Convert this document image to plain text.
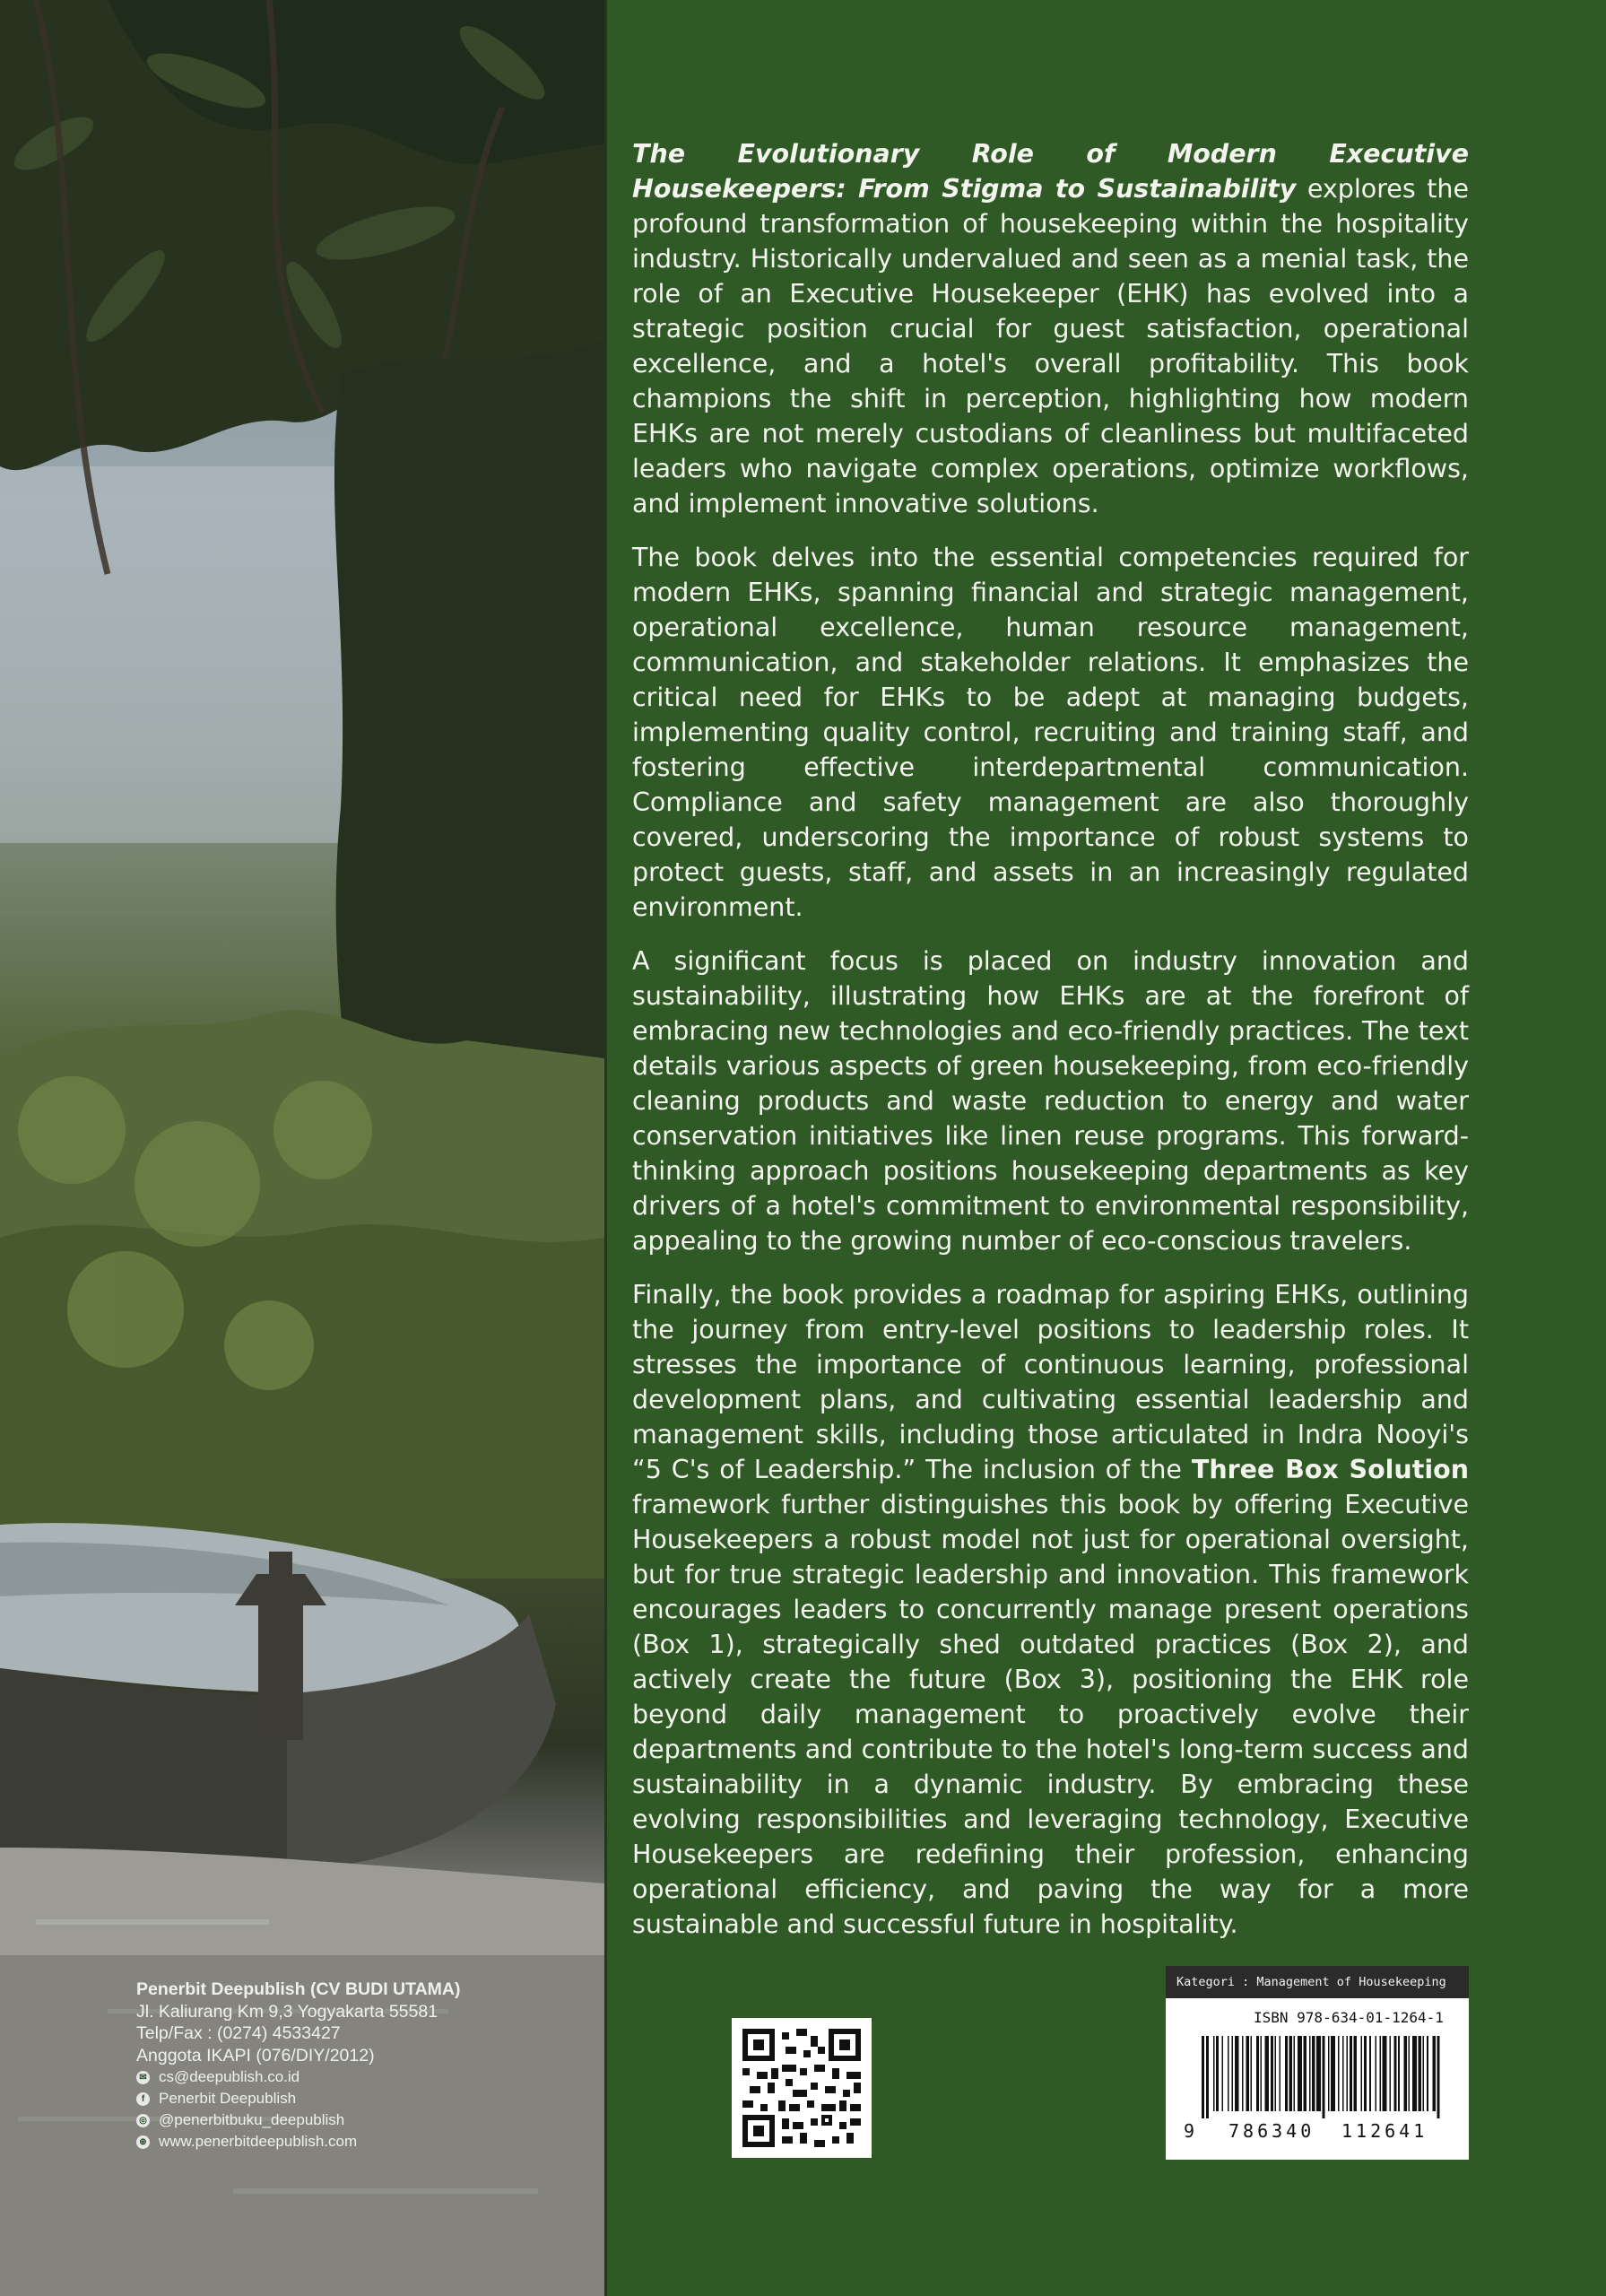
The Evolutionary Role of Modern Executive Housekeepers: From Stigma to Sustainability explores the profound transformation of housekeeping within the hospitality industry. Historically undervalued and seen as a menial task, the role of an Executive Housekeeper (EHK) has evolved into a strategic position crucial for guest satisfaction, operational excellence, and a hotel's overall profitability. This book champions the shift in perception, highlighting how modern EHKs are not merely custodians of cleanliness but multifaceted leaders who navigate complex operations, optimize workflows, and implement innovative solutions.

The book delves into the essential competencies required for modern EHKs, spanning financial and strategic management, operational excellence, human resource management, communication, and stakeholder relations. It emphasizes the critical need for EHKs to be adept at managing budgets, implementing quality control, recruiting and training staff, and fostering effective interdepartmental communication. Compliance and safety management are also thoroughly covered, underscoring the importance of robust systems to protect guests, staff, and assets in an increasingly regulated environment.

A significant focus is placed on industry innovation and sustainability, illustrating how EHKs are at the forefront of embracing new technologies and eco-friendly practices. The text details various aspects of green housekeeping, from eco-friendly cleaning products and waste reduction to energy and water conservation initiatives like linen reuse programs. This forward-thinking approach positions housekeeping departments as key drivers of a hotel's commitment to environmental responsibility, appealing to the growing number of eco-conscious travelers.

Finally, the book provides a roadmap for aspiring EHKs, outlining the journey from entry-level positions to leadership roles. It stresses the importance of continuous learning, professional development plans, and cultivating essential leadership and management skills, including those articulated in Indra Nooyi's “5 C's of Leadership.” The inclusion of the Three Box Solution framework further distinguishes this book by offering Executive Housekeepers a robust model not just for operational oversight, but for true strategic leadership and innovation. This framework encourages leaders to concurrently manage present operations (Box 1), strategically shed outdated practices (Box 2), and actively create the future (Box 3), positioning the EHK role beyond daily management to proactively evolve their departments and contribute to the hotel's long-term success and sustainability in a dynamic industry. By embracing these evolving responsibilities and leveraging technology, Executive Housekeepers are redefining their profession, enhancing operational efficiency, and paving the way for a more sustainable and successful future in hospitality.

Penerbit Deepublish (CV BUDI UTAMA)
Jl. Kaliurang Km 9,3 Yogyakarta 55581
Telp/Fax : (0274) 4533427
Anggota IKAPI (076/DIY/2012)
✉ cs@deepublish.co.id
f Penerbit Deepublish
◎ @penerbitbuku_deepublish
⊕ www.penerbitdeepublish.com
Kategori : Management of Housekeeping
ISBN 978-634-01-1264-1
9 786340 112641
